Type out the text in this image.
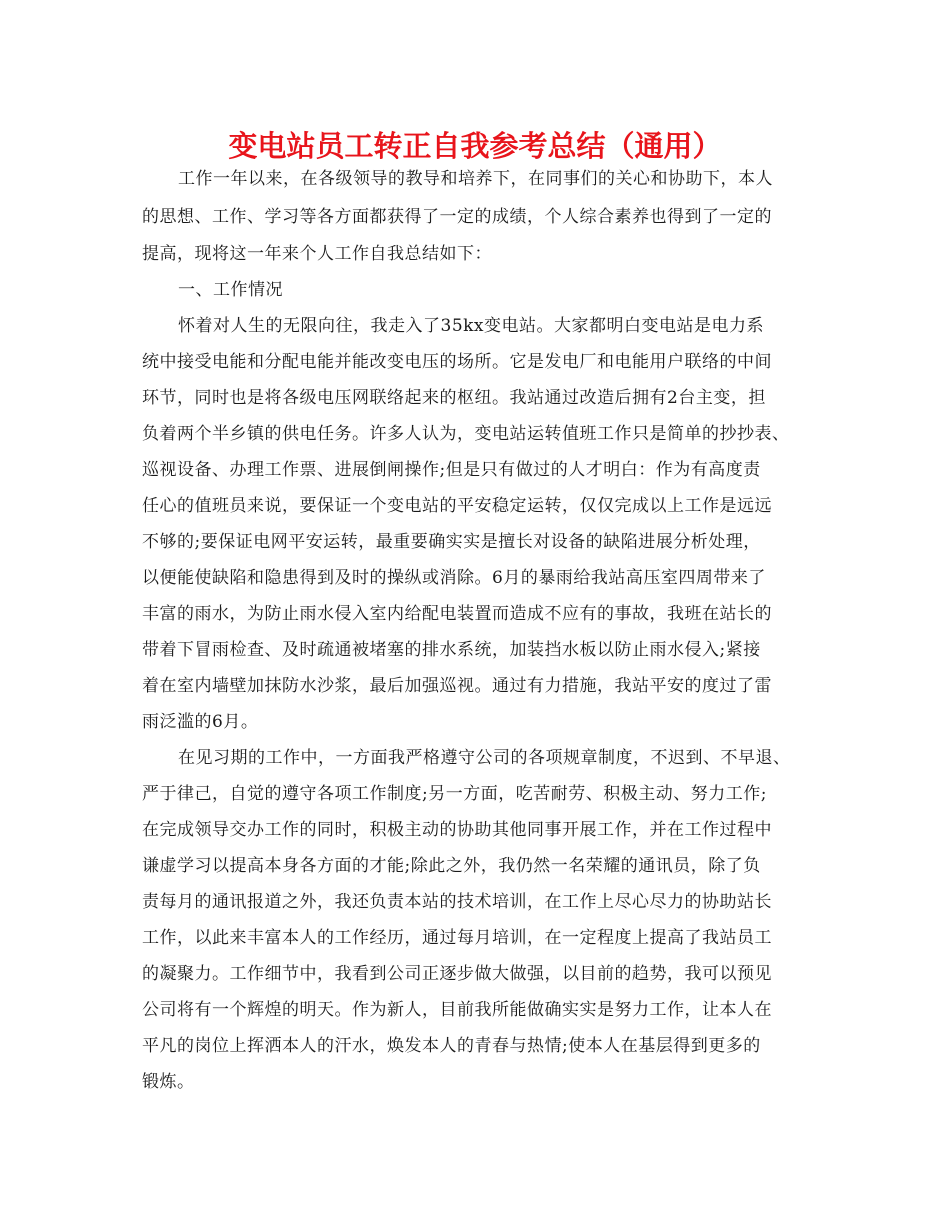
变电站员工转正自我参考总结（通用）
工作一年以来，在各级领导的教导和培养下，在同事们的关心和协助下，本人
的思想、工作、学习等各方面都获得了一定的成绩，个人综合素养也得到了一定的
提高，现将这一年来个人工作自我总结如下：
一、工作情况
怀着对人生的无限向往，我走入了35kx变电站。大家都明白变电站是电力系
统中接受电能和分配电能并能改变电压的场所。它是发电厂和电能用户联络的中间
环节，同时也是将各级电压网联络起来的枢纽。我站通过改造后拥有2台主变，担
负着两个半乡镇的供电任务。许多人认为，变电站运转值班工作只是简单的抄抄表、
巡视设备、办理工作票、进展倒闸操作;但是只有做过的人才明白：作为有高度责
任心的值班员来说，要保证一个变电站的平安稳定运转，仅仅完成以上工作是远远
不够的;要保证电网平安运转，最重要确实实是擅长对设备的缺陷进展分析处理，
以便能使缺陷和隐患得到及时的操纵或消除。6月的暴雨给我站高压室四周带来了
丰富的雨水，为防止雨水侵入室内给配电装置而造成不应有的事故，我班在站长的
带着下冒雨检查、及时疏通被堵塞的排水系统，加装挡水板以防止雨水侵入;紧接
着在室内墙壁加抹防水沙浆，最后加强巡视。通过有力措施，我站平安的度过了雷
雨泛滥的6月。
在见习期的工作中，一方面我严格遵守公司的各项规章制度，不迟到、不早退、
严于律己，自觉的遵守各项工作制度;另一方面，吃苦耐劳、积极主动、努力工作;
在完成领导交办工作的同时，积极主动的协助其他同事开展工作，并在工作过程中
谦虚学习以提高本身各方面的才能;除此之外，我仍然一名荣耀的通讯员，除了负
责每月的通讯报道之外，我还负责本站的技术培训，在工作上尽心尽力的协助站长
工作，以此来丰富本人的工作经历，通过每月培训，在一定程度上提高了我站员工
的凝聚力。工作细节中，我看到公司正逐步做大做强，以目前的趋势，我可以预见
公司将有一个辉煌的明天。作为新人，目前我所能做确实实是努力工作，让本人在
平凡的岗位上挥洒本人的汗水，焕发本人的青春与热情;使本人在基层得到更多的
锻炼。
